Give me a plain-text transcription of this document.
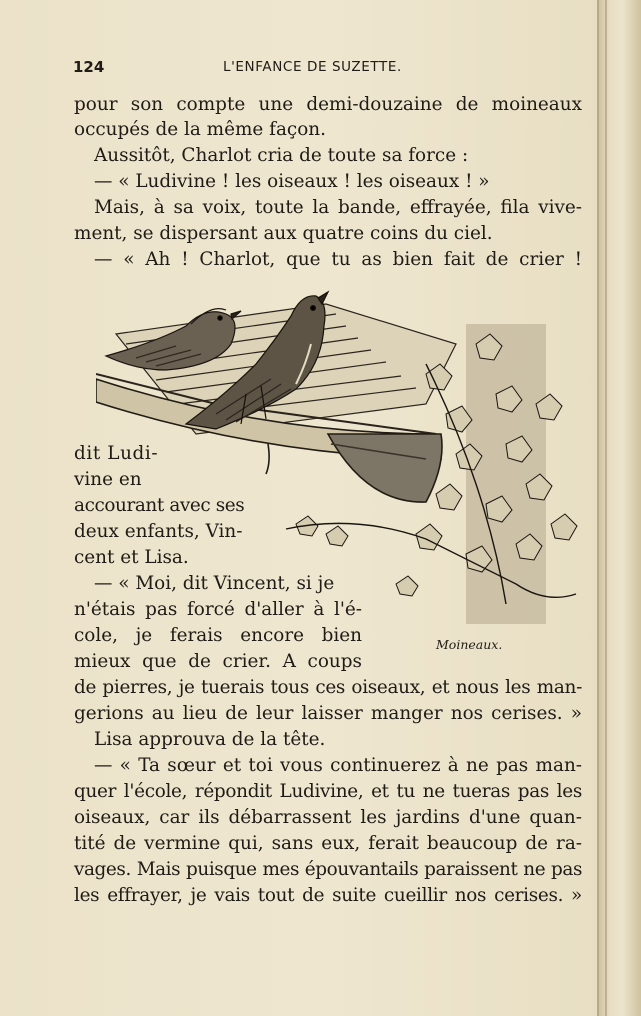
124	L'ENFANCE DE SUZETTE.
pour son compte une demi-douzaine de moineaux
occupés de la même façon.
Aussitôt, Charlot cria de toute sa force :
— « Ludivine ! les oiseaux ! les oiseaux ! »
Mais, à sa voix, toute la bande, effrayée, fila vive-
ment, se dispersant aux quatre coins du ciel.
— « Ah ! Charlot, que tu as bien fait de crier !
dit Ludi-
vine en
accourant avec ses
deux enfants, Vin-
cent et Lisa.
— « Moi, dit Vincent, si je
n'étais pas forcé d'aller à l'é-
cole, je ferais encore bien
mieux que de crier. A coups
Moineaux.
de pierres, je tuerais tous ces oiseaux, et nous les man-
gerions au lieu de leur laisser manger nos cerises. »
Lisa approuva de la tête.
— « Ta sœur et toi vous continuerez à ne pas man-
quer l'école, répondit Ludivine, et tu ne tueras pas les
oiseaux, car ils débarrassent les jardins d'une quan-
tité de vermine qui, sans eux, ferait beaucoup de ra-
vages. Mais puisque mes épouvantails paraissent ne pas
les effrayer, je vais tout de suite cueillir nos cerises. »
